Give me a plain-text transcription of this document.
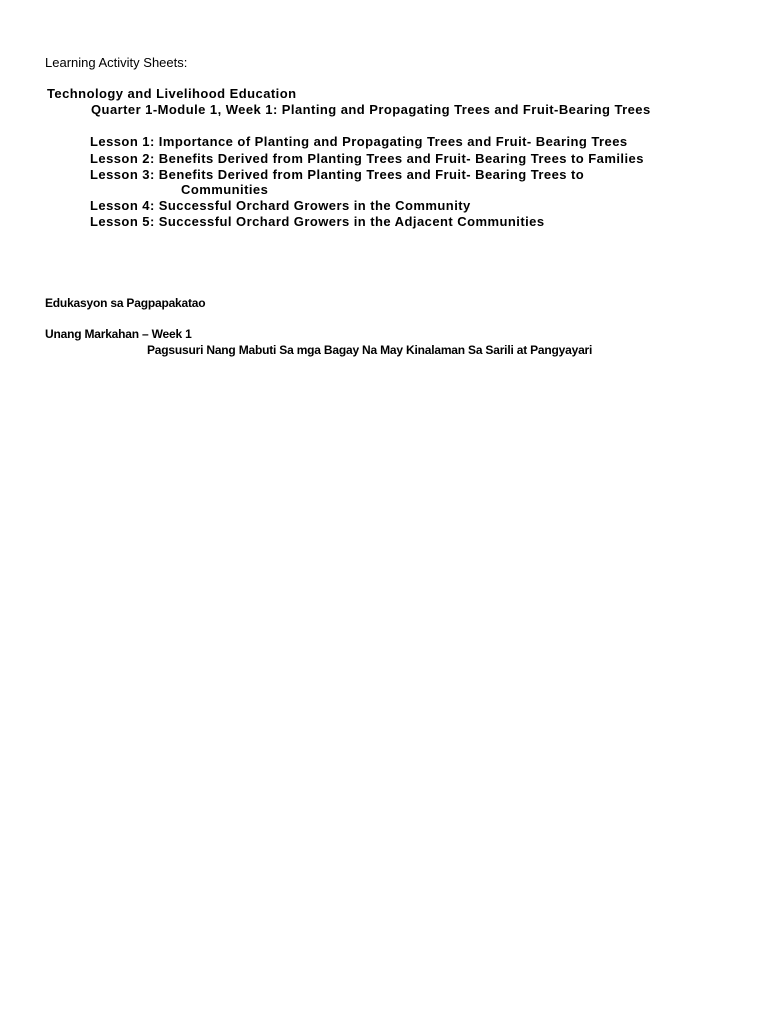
Learning Activity Sheets:
Technology and Livelihood Education
Quarter 1-Module 1, Week 1: Planting and Propagating Trees and Fruit-Bearing Trees
Lesson 1: Importance of Planting and Propagating Trees and Fruit- Bearing Trees
Lesson 2: Benefits Derived from Planting Trees and Fruit- Bearing Trees to Families
Lesson 3: Benefits Derived from Planting Trees and Fruit- Bearing Trees to
Communities
Lesson 4: Successful Orchard Growers in the Community
Lesson 5: Successful Orchard Growers in the Adjacent Communities
Edukasyon sa Pagpapakatao
Unang Markahan – Week 1
Pagsusuri Nang Mabuti Sa mga Bagay Na May Kinalaman Sa Sarili at Pangyayari
